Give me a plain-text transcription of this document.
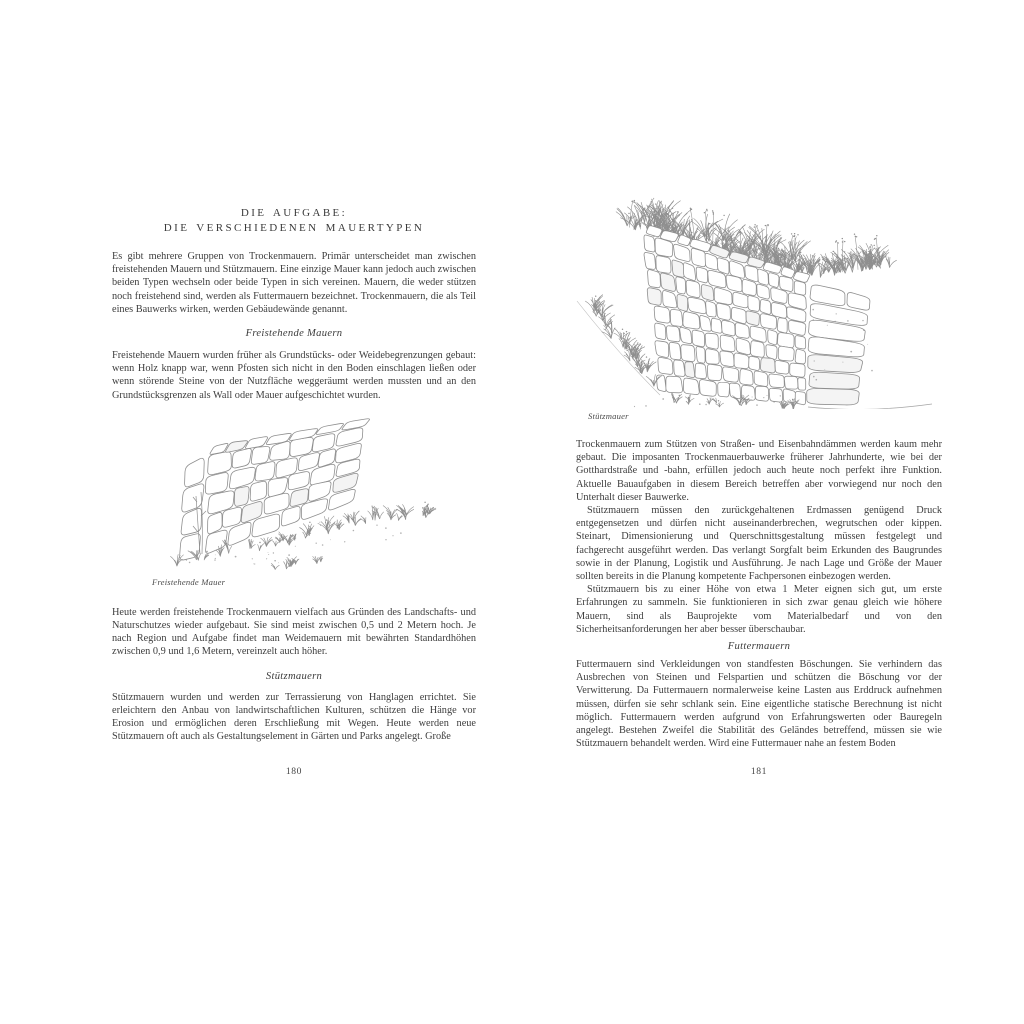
DIE AUFGABE:
DIE VERSCHIEDENEN MAUERTYPEN

Es gibt mehrere Gruppen von Trockenmauern. Primär unterscheidet man zwischen freistehenden Mauern und Stützmauern. Eine einzige Mauer kann jedoch auch zwischen beiden Typen wechseln oder beide Typen in sich vereinen. Mauern, die weder stützen noch freistehend sind, werden als Futtermauern bezeichnet. Trockenmauern, die als Teil eines Bauwerks wirken, werden Gebäudewände genannt.

Freistehende Mauern

Freistehende Mauern wurden früher als Grundstücks- oder Weidebegrenzungen gebaut: wenn Holz knapp war, wenn Pfosten sich nicht in den Boden einschlagen ließen oder wenn störende Steine von der Nutzfläche weggeräumt werden mussten und an den Grundstücksgrenzen als Wall oder Mauer aufgeschichtet wurden.

Freistehende Mauer

Heute werden freistehende Trockenmauern vielfach aus Gründen des Landschafts- und Naturschutzes wieder aufgebaut. Sie sind meist zwischen 0,5 und 2 Metern hoch. Je nach Region und Aufgabe findet man Weidemauern mit bewährten Standardhöhen zwischen 0,9 und 1,6 Metern, vereinzelt auch höher.

Stützmauern

Stützmauern wurden und werden zur Terrassierung von Hanglagen errichtet. Sie erleichtern den Anbau von landwirtschaftlichen Kulturen, schützen die Hänge vor Erosion und ermöglichen deren Erschließung mit Wegen. Heute werden neue Stützmauern oft auch als Gestaltungselement in Gärten und Parks angelegt. Große

180
Stützmauer

Trockenmauern zum Stützen von Straßen- und Eisenbahndämmen werden kaum mehr gebaut. Die imposanten Trockenmauerbauwerke früherer Jahrhunderte, wie bei der Gotthardstraße und -bahn, erfüllen jedoch auch heute noch perfekt ihre Funktion. Aktuelle Bauaufgaben in diesem Bereich betreffen aber vorwiegend nur noch den Unterhalt dieser Bauwerke.

Stützmauern müssen den zurückgehaltenen Erdmassen genügend Druck entgegensetzen und dürfen nicht auseinanderbrechen, wegrutschen oder kippen. Steinart, Dimensionierung und Querschnittsgestaltung müssen festgelegt und fachgerecht ausgeführt werden. Das verlangt Sorgfalt beim Erkunden des Baugrundes sowie in der Planung, Logistik und Ausführung. Je nach Lage und Größe der Mauer sollten bereits in die Planung kompetente Fachpersonen einbezogen werden.

Stützmauern bis zu einer Höhe von etwa 1 Meter eignen sich gut, um erste Erfahrungen zu sammeln. Sie funktionieren in sich zwar genau gleich wie höhere Mauern, sind als Bauprojekte vom Materialbedarf und von den Sicherheitsanforderungen her aber besser überschaubar.

Futtermauern

Futtermauern sind Verkleidungen von standfesten Böschungen. Sie verhindern das Ausbrechen von Steinen und Felspartien und schützen die Böschung vor der Verwitterung. Da Futtermauern normalerweise keine Lasten aus Erddruck aufnehmen müssen, dürfen sie sehr schlank sein. Eine eigentliche statische Berechnung ist nicht möglich. Futtermauern werden aufgrund von Erfahrungswerten oder Bauregeln angelegt. Bestehen Zweifel die Stabilität des Geländes betreffend, müssen sie wie Stützmauern behandelt werden. Wird eine Futtermauer nahe an festem Boden

181
